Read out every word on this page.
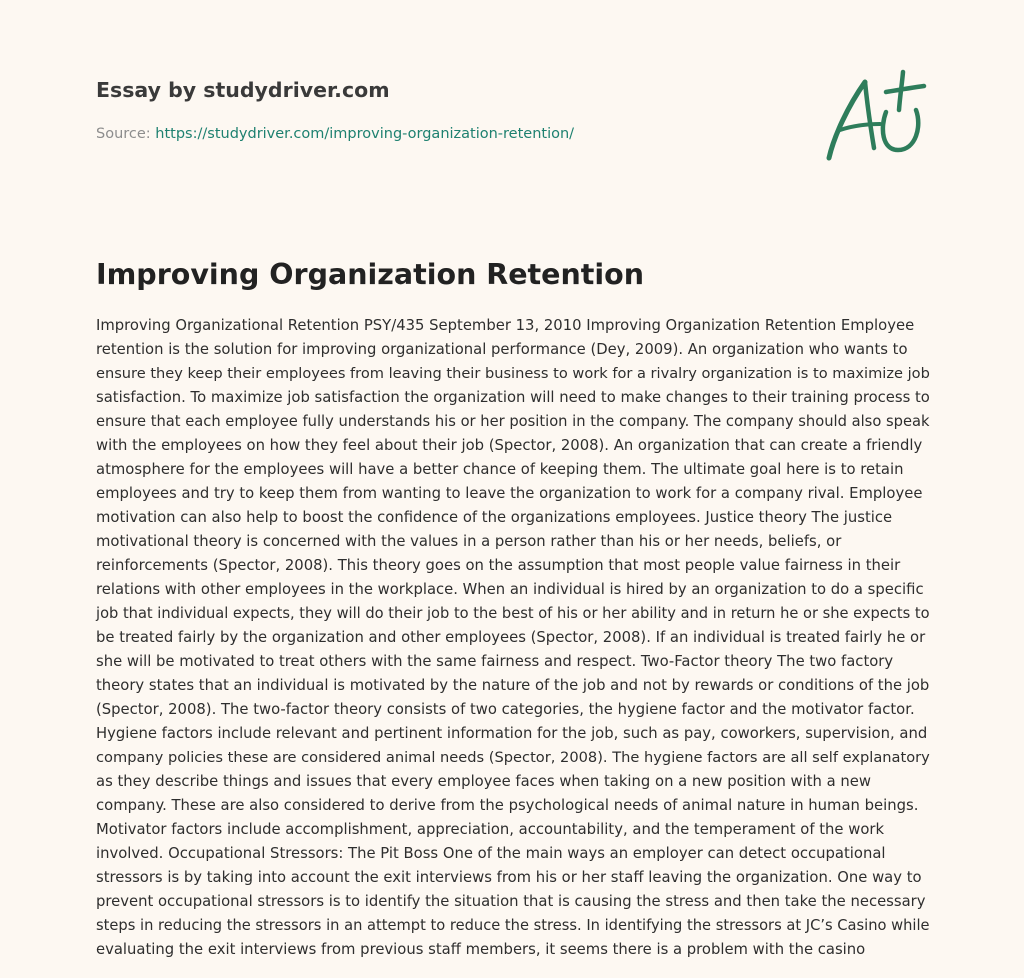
Essay by studydriver.com
Source: https://studydriver.com/improving-organization-retention/
Improving Organization Retention

Improving Organizational Retention PSY/435 September 13, 2010 Improving Organization Retention Employee
retention is the solution for improving organizational performance (Dey, 2009). An organization who wants to
ensure they keep their employees from leaving their business to work for a rivalry organization is to maximize job
satisfaction. To maximize job satisfaction the organization will need to make changes to their training process to
ensure that each employee fully understands his or her position in the company. The company should also speak
with the employees on how they feel about their job (Spector, 2008). An organization that can create a friendly
atmosphere for the employees will have a better chance of keeping them. The ultimate goal here is to retain
employees and try to keep them from wanting to leave the organization to work for a company rival. Employee
motivation can also help to boost the confidence of the organizations employees. Justice theory The justice
motivational theory is concerned with the values in a person rather than his or her needs, beliefs, or
reinforcements (Spector, 2008). This theory goes on the assumption that most people value fairness in their
relations with other employees in the workplace. When an individual is hired by an organization to do a specific
job that individual expects, they will do their job to the best of his or her ability and in return he or she expects to
be treated fairly by the organization and other employees (Spector, 2008). If an individual is treated fairly he or
she will be motivated to treat others with the same fairness and respect. Two-Factor theory The two factory
theory states that an individual is motivated by the nature of the job and not by rewards or conditions of the job
(Spector, 2008). The two-factor theory consists of two categories, the hygiene factor and the motivator factor.
Hygiene factors include relevant and pertinent information for the job, such as pay, coworkers, supervision, and
company policies these are considered animal needs (Spector, 2008). The hygiene factors are all self explanatory
as they describe things and issues that every employee faces when taking on a new position with a new
company. These are also considered to derive from the psychological needs of animal nature in human beings.
Motivator factors include accomplishment, appreciation, accountability, and the temperament of the work
involved. Occupational Stressors: The Pit Boss One of the main ways an employer can detect occupational
stressors is by taking into account the exit interviews from his or her staff leaving the organization. One way to
prevent occupational stressors is to identify the situation that is causing the stress and then take the necessary
steps in reducing the stressors in an attempt to reduce the stress. In identifying the stressors at JC’s Casino while
evaluating the exit interviews from previous staff members, it seems there is a problem with the casino
